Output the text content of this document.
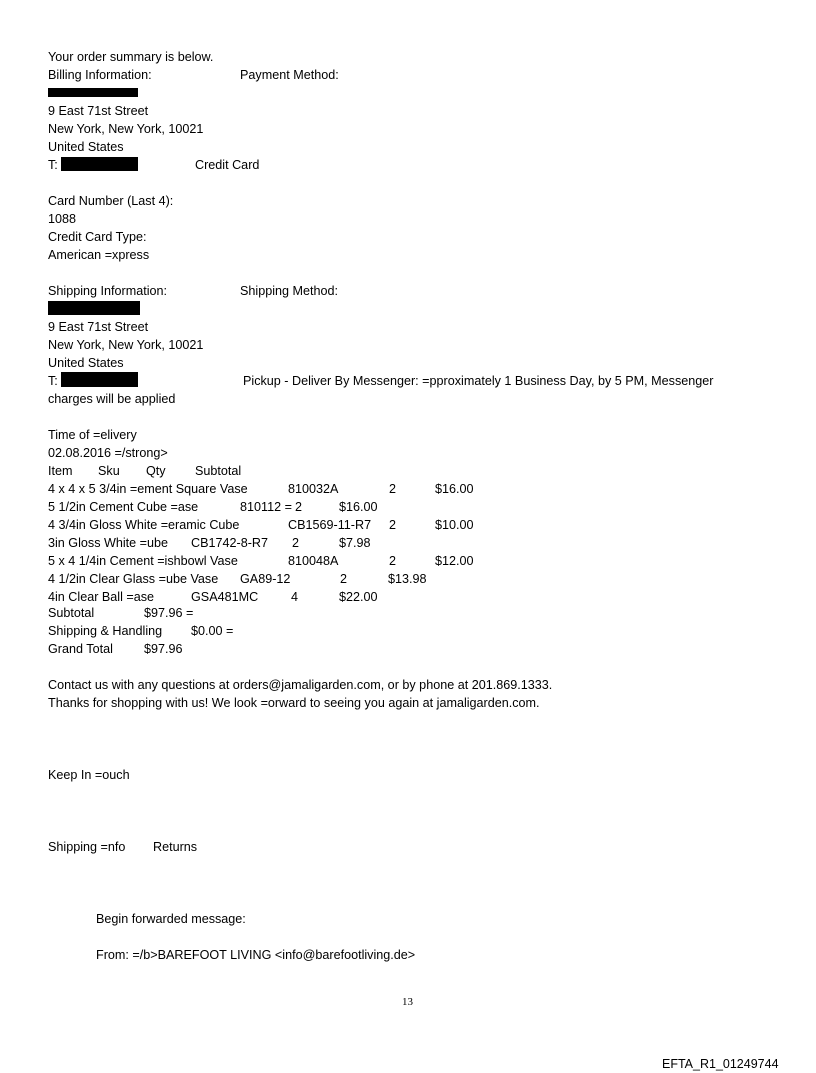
Your order summary is below.
Billing Information:	Payment Method:
9 East 71st Street
New York, New York, 10021
United States
T:	Credit Card
Card Number (Last 4):
1088
Credit Card Type:
American =xpress
Shipping Information:	Shipping Method:
9 East 71st Street
New York, New York, 10021
United States
T:	Pickup - Deliver By Messenger: =pproximately 1 Business Day, by 5 PM, Messenger
charges will be applied
Time of =elivery
02.08.2016 =/strong>
Item Sku Qty Subtotal
4 x 4 x 5 3/4in =ement Square Vase	810032A	2	$16.00
5 1/2in Cement Cube =ase	810112 = 2	$16.00
4 3/4in Gloss White =eramic Cube	CB1569-11-R7 2	$10.00
3in Gloss White =ube CB1742-8-R7 2	$7.98
5 x 4 1/4in Cement =ishbowl Vase	810048A	2	$12.00
4 1/2in Clear Glass =ube Vase GA89-12	2	$13.98
4in Clear Ball =ase	GSA481MC	4	$22.00
Subtotal	$97.96 =
Shipping & Handling $0.00 =
Grand Total $97.96
Contact us with any questions at orders@jamaligarden.com, or by phone at 201.869.1333.
Thanks for shopping with us! We look =orward to seeing you again at jamaligarden.com.
Keep In =ouch
Shipping =nfo Returns
Begin forwarded message:
From: =/b>BAREFOOT LIVING <info@barefootliving.de>
13
EFTA_R1_01249744
